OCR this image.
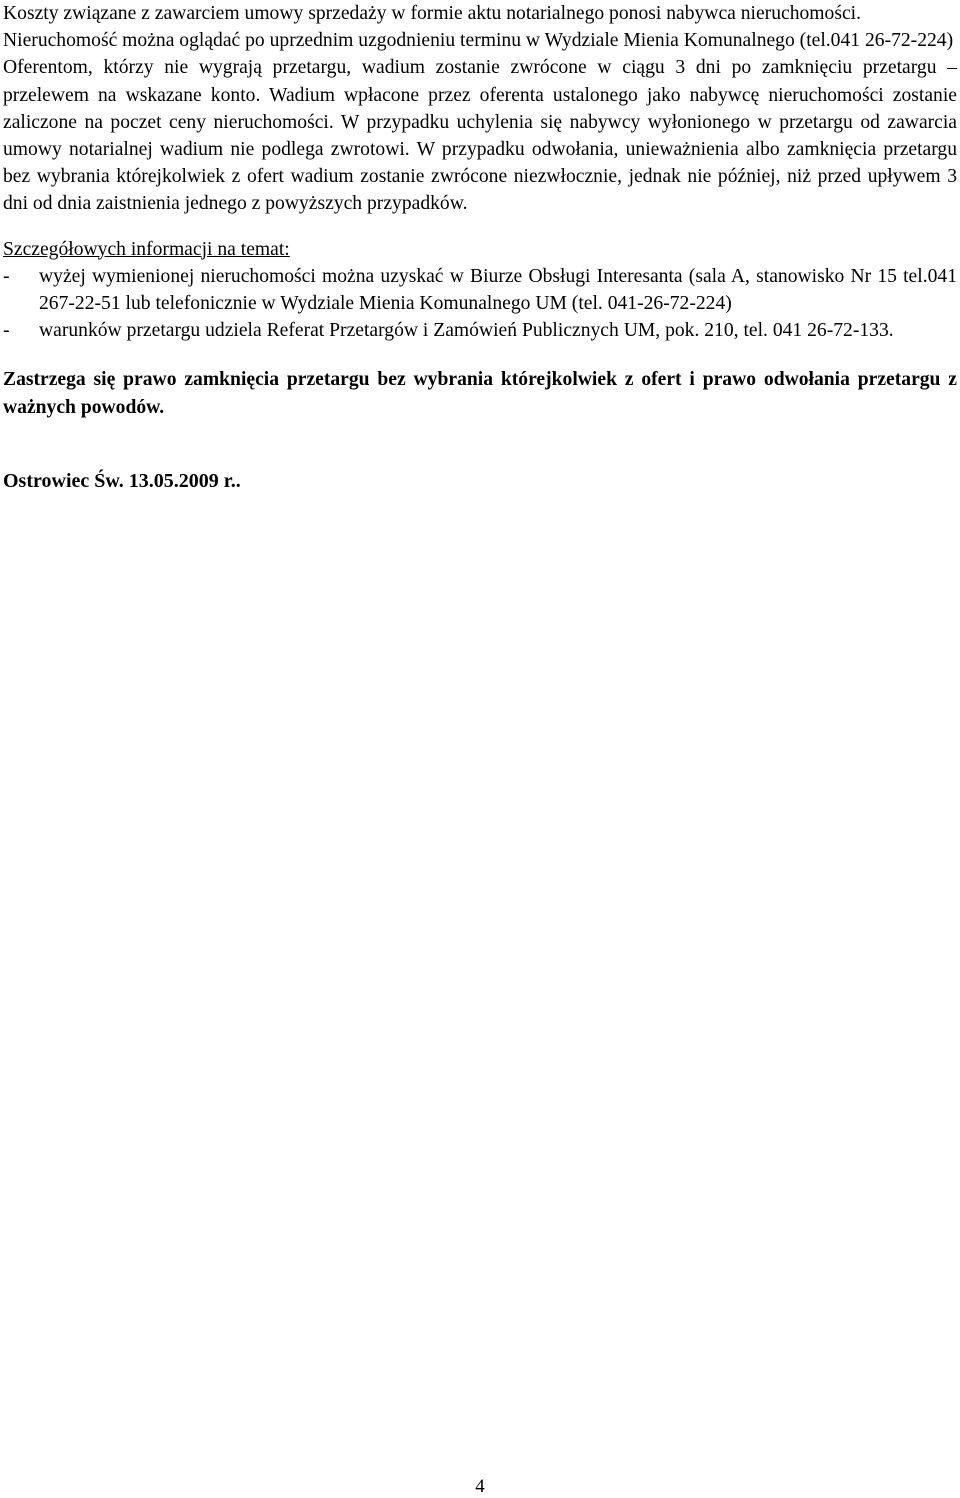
Koszty związane z zawarciem umowy sprzedaży w formie aktu notarialnego ponosi nabywca nieruchomości.

Nieruchomość można oglądać po uprzednim uzgodnieniu terminu w Wydziale Mienia Komunalnego (tel.041 26-72-224)

Oferentom, którzy nie wygrają przetargu, wadium zostanie zwrócone w ciągu 3 dni po zamknięciu przetargu – przelewem na wskazane konto. Wadium wpłacone przez oferenta ustalonego jako nabywcę nieruchomości zostanie zaliczone na poczet ceny nieruchomości. W przypadku uchylenia się nabywcy wyłonionego w przetargu od zawarcia umowy notarialnej wadium nie podlega zwrotowi. W przypadku odwołania, unieważnienia albo zamknięcia przetargu bez wybrania którejkolwiek z ofert wadium zostanie zwrócone niezwłocznie, jednak nie później, niż przed upływem 3 dni od dnia zaistnienia jednego z powyższych przypadków.

Szczegółowych informacji na temat:

- wyżej wymienionej nieruchomości można uzyskać w Biurze Obsługi Interesanta (sala A, stanowisko Nr 15 tel.041 267-22-51 lub telefonicznie w Wydziale Mienia Komunalnego UM (tel. 041-26-72-224)
- warunków przetargu udziela Referat Przetargów i Zamówień Publicznych UM, pok. 210, tel. 041 26-72-133.

Zastrzega się prawo zamknięcia przetargu bez wybrania którejkolwiek z ofert i prawo odwołania przetargu z ważnych powodów.

Ostrowiec Św. 13.05.2009 r..

4
